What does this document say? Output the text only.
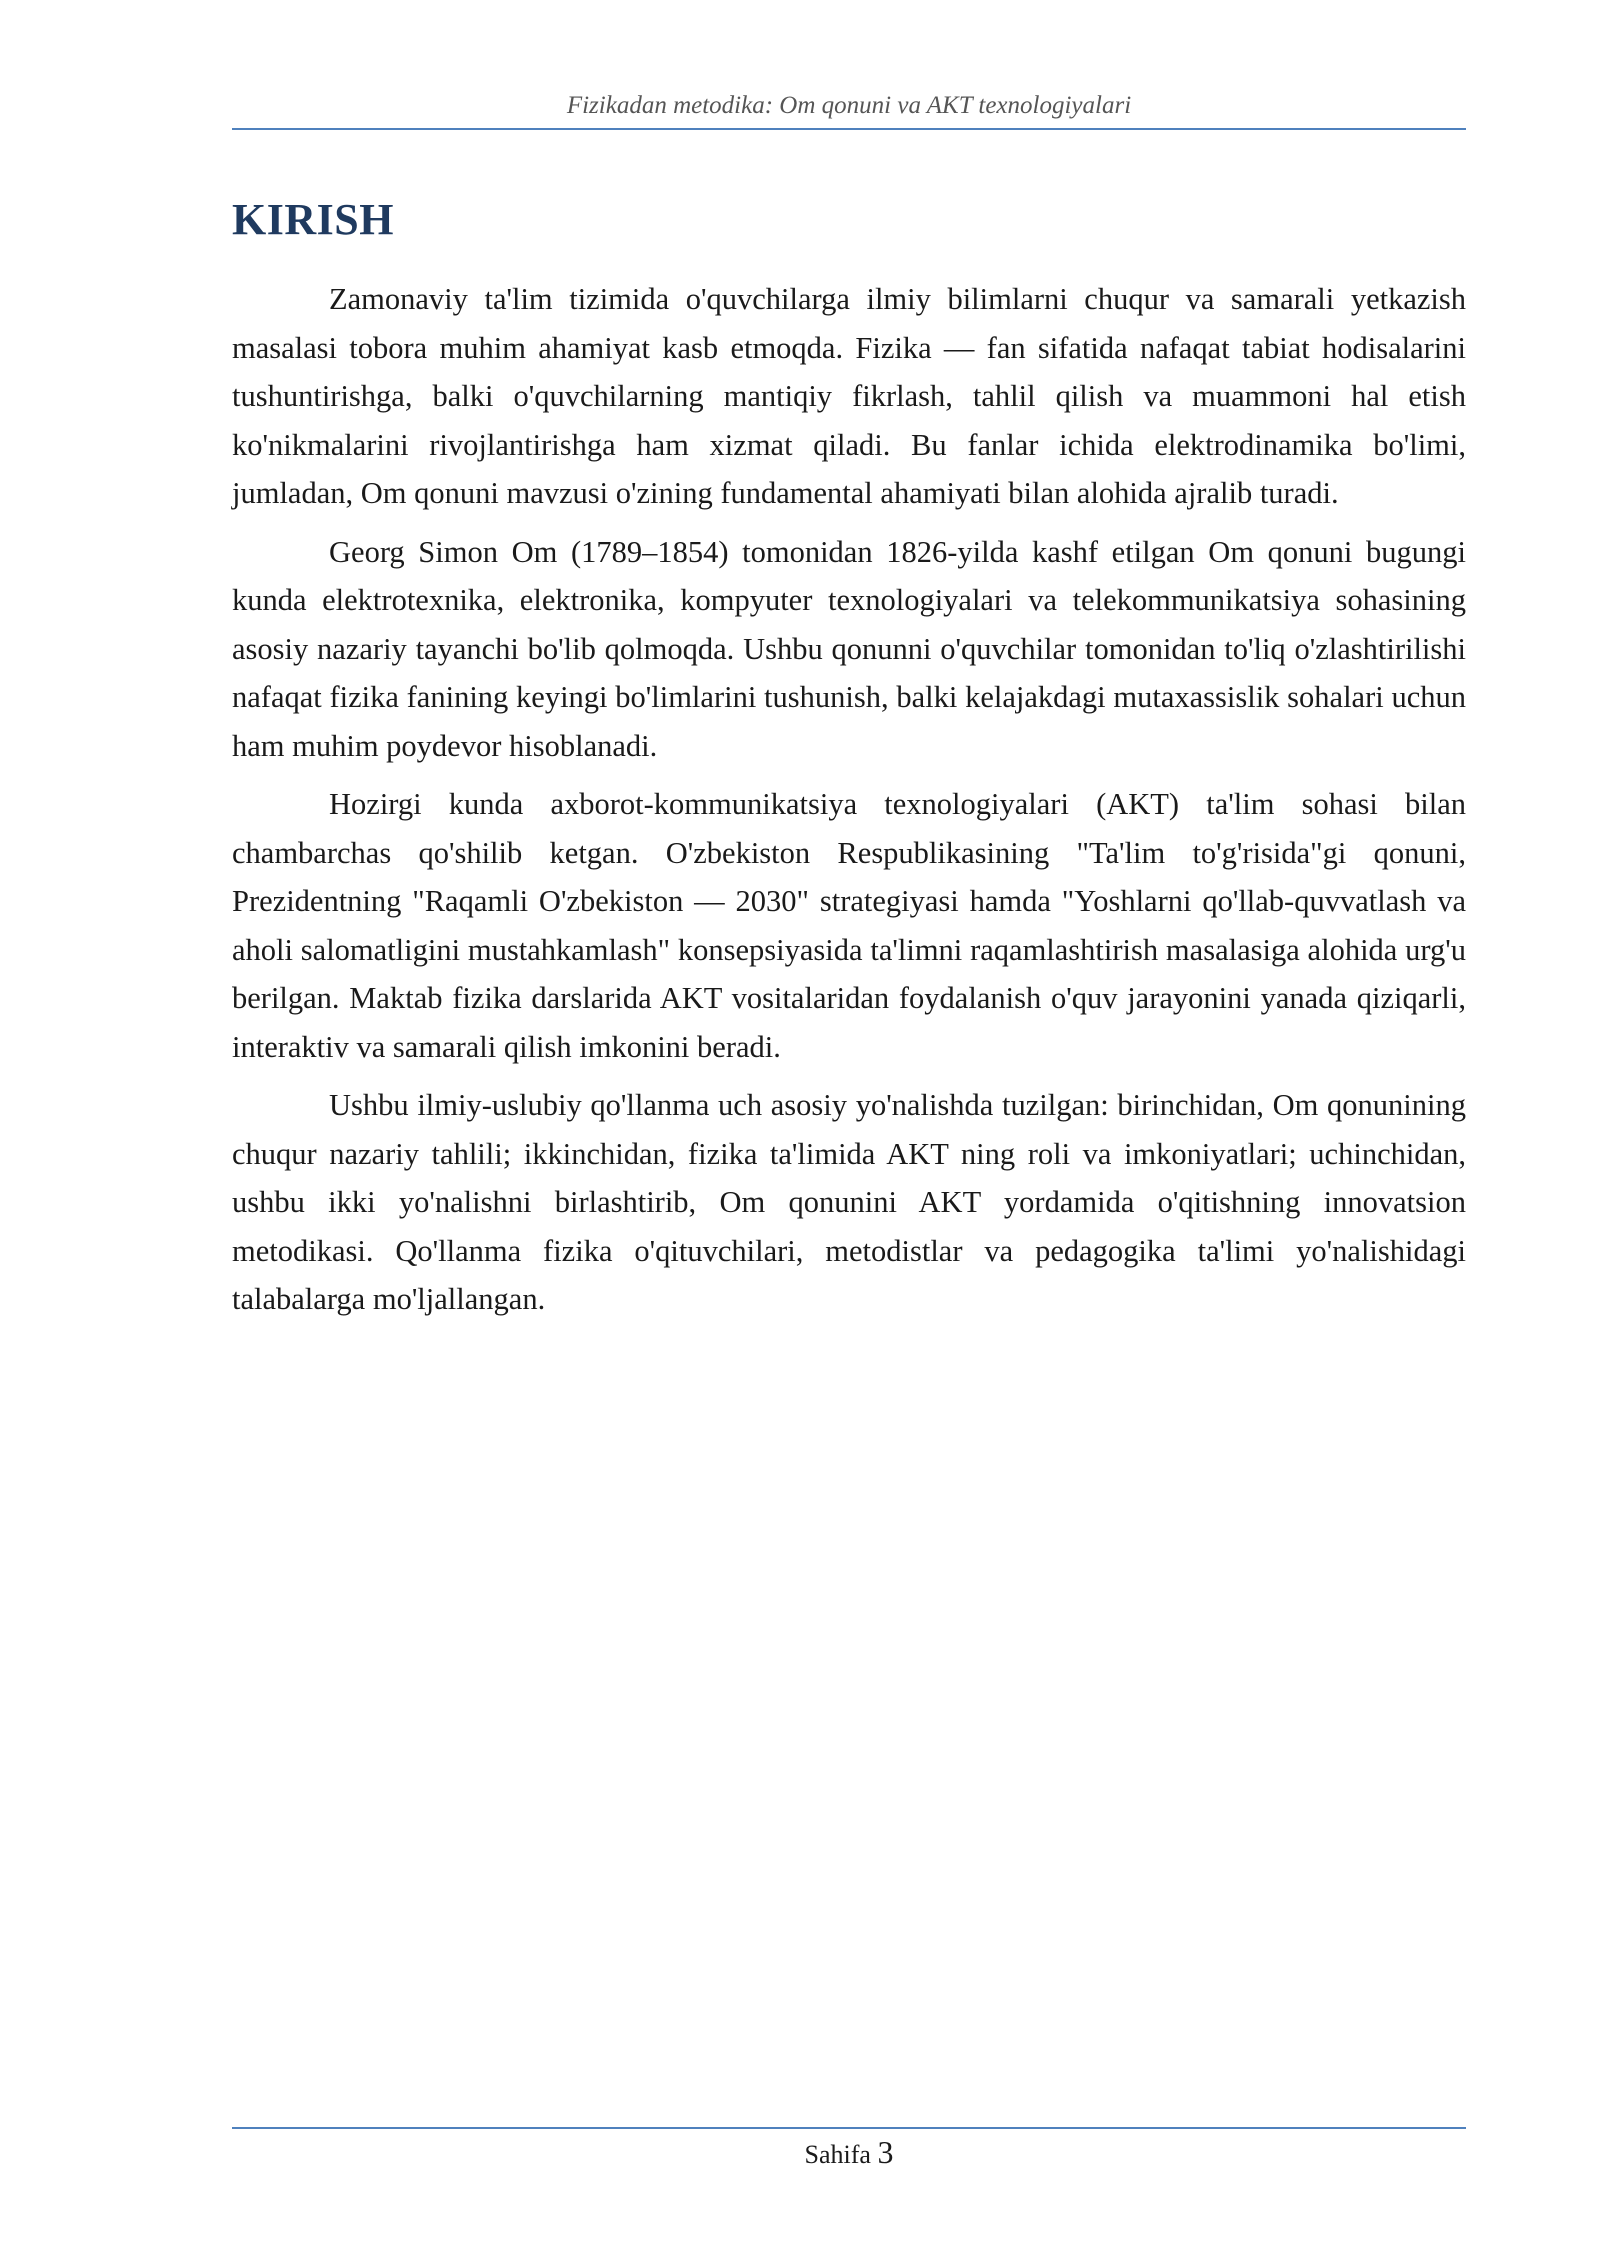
Fizikadan metodika: Om qonuni va AKT texnologiyalari
KIRISH

Zamonaviy ta'lim tizimida o'quvchilarga ilmiy bilimlarni chuqur va samarali yetkazish masalasi tobora muhim ahamiyat kasb etmoqda. Fizika — fan sifatida nafaqat tabiat hodisalarini tushuntirishga, balki o'quvchilarning mantiqiy fikrlash, tahlil qilish va muammoni hal etish ko'nikmalarini rivojlantirishga ham xizmat qiladi. Bu fanlar ichida elektrodinamika bo'limi, jumladan, Om qonuni mavzusi o'zining fundamental ahamiyati bilan alohida ajralib turadi.

Georg Simon Om (1789–1854) tomonidan 1826-yilda kashf etilgan Om qonuni bugungi kunda elektrotexnika, elektronika, kompyuter texnologiyalari va telekommunikatsiya sohasining asosiy nazariy tayanchi bo'lib qolmoqda. Ushbu qonunni o'quvchilar tomonidan to'liq o'zlashtirilishi nafaqat fizika fanining keyingi bo'limlarini tushunish, balki kelajakdagi mutaxassislik sohalari uchun ham muhim poydevor hisoblanadi.

Hozirgi kunda axborot-kommunikatsiya texnologiyalari (AKT) ta'lim sohasi bilan chambarchas qo'shilib ketgan. O'zbekiston Respublikasining "Ta'lim to'g'risida"gi qonuni, Prezidentning "Raqamli O'zbekiston — 2030" strategiyasi hamda "Yoshlarni qo'llab-quvvatlash va aholi salomatligini mustahkamlash" konsepsiyasida ta'limni raqamlashtirish masalasiga alohida urg'u berilgan. Maktab fizika darslarida AKT vositalaridan foydalanish o'quv jarayonini yanada qiziqarli, interaktiv va samarali qilish imkonini beradi.

Ushbu ilmiy-uslubiy qo'llanma uch asosiy yo'nalishda tuzilgan: birinchidan, Om qonunining chuqur nazariy tahlili; ikkinchidan, fizika ta'limida AKT ning roli va imkoniyatlari; uchinchidan, ushbu ikki yo'nalishni birlashtirib, Om qonunini AKT yordamida o'qitishning innovatsion metodikasi. Qo'llanma fizika o'qituvchilari, metodistlar va pedagogika ta'limi yo'nalishidagi talabalarga mo'ljallangan.

Sahifa 3
